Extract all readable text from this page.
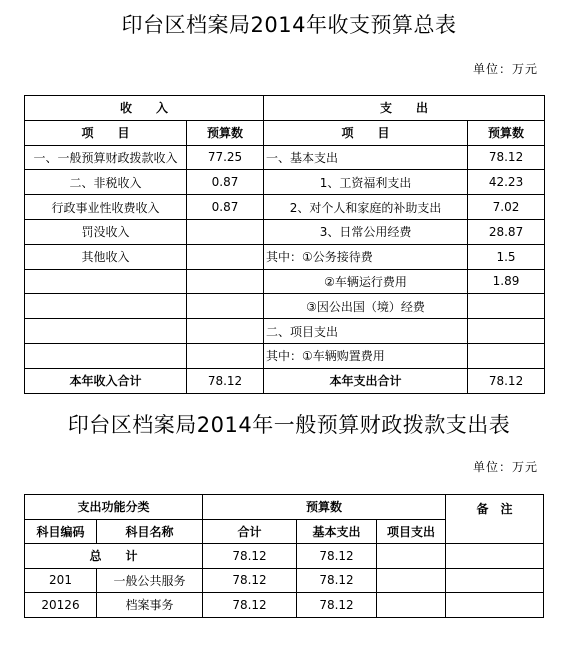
印台区档案局2014年收支预算总表
单位：万元
收　　入		支　　出	
项　　目	预算数	项　　目	预算数
一、一般预算财政拨款收入	77.25	一、基本支出	78.12
二、非税收入	0.87	1、工资福利支出	42.23
行政事业性收费收入	0.87	2、对个人和家庭的补助支出	7.02
罚没收入		3、日常公用经费	28.87
其他收入		其中：①公务接待费	1.5
		②车辆运行费用	1.89
		③因公出国（境）经费	
		二、项目支出	
		其中：①车辆购置费用	
本年收入合计	78.12	本年支出合计	78.12
印台区档案局2014年一般预算财政拨款支出表
单位：万元
支出功能分类		预算数			备　注
科目编码	科目名称	合计	基本支出	项目支出	
总　　计		78.12	78.12		
201	一般公共服务	78.12	78.12		
20126	档案事务	78.12	78.12		
